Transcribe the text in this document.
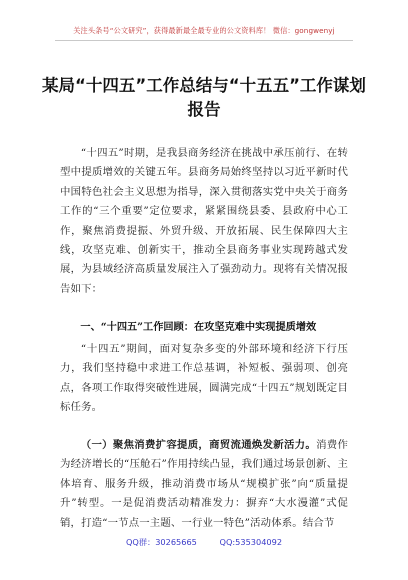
关注头条号“公文研究”，获得最新最全最专业的公文资料库！ 微信：gongwenyj
某局“十四五”工作总结与“十五五”工作谋划报告

“十四五”时期，是我县商务经济在挑战中承压前行、在转型中提质增效的关键五年。县商务局始终坚持以习近平新时代中国特色社会主义思想为指导，深入贯彻落实党中央关于商务工作的“三个重要”定位要求，紧紧围绕县委、县政府中心工作，聚焦消费提振、外贸升级、开放拓展、民生保障四大主线，攻坚克难、创新实干，推动全县商务事业实现跨越式发展，为县域经济高质量发展注入了强劲动力。现将有关情况报告如下：

一、“十四五”工作回顾：在攻坚克难中实现提质增效

“十四五”期间，面对复杂多变的外部环境和经济下行压力，我们坚持稳中求进工作总基调，补短板、强弱项、创亮点，各项工作取得突破性进展，圆满完成“十四五”规划既定目标任务。

（一）聚焦消费扩容提质，商贸流通焕发新活力。消费作为经济增长的“压舱石”作用持续凸显，我们通过场景创新、主体培育、服务升级，推动消费市场从“规模扩张”向“质量提升”转型。一是促消费活动精准发力：摒弃“大水漫灌”式促销，打造“一节点一主题、一行业一特色”活动体系。结合节

QQ群：30265665	QQ:535304092
